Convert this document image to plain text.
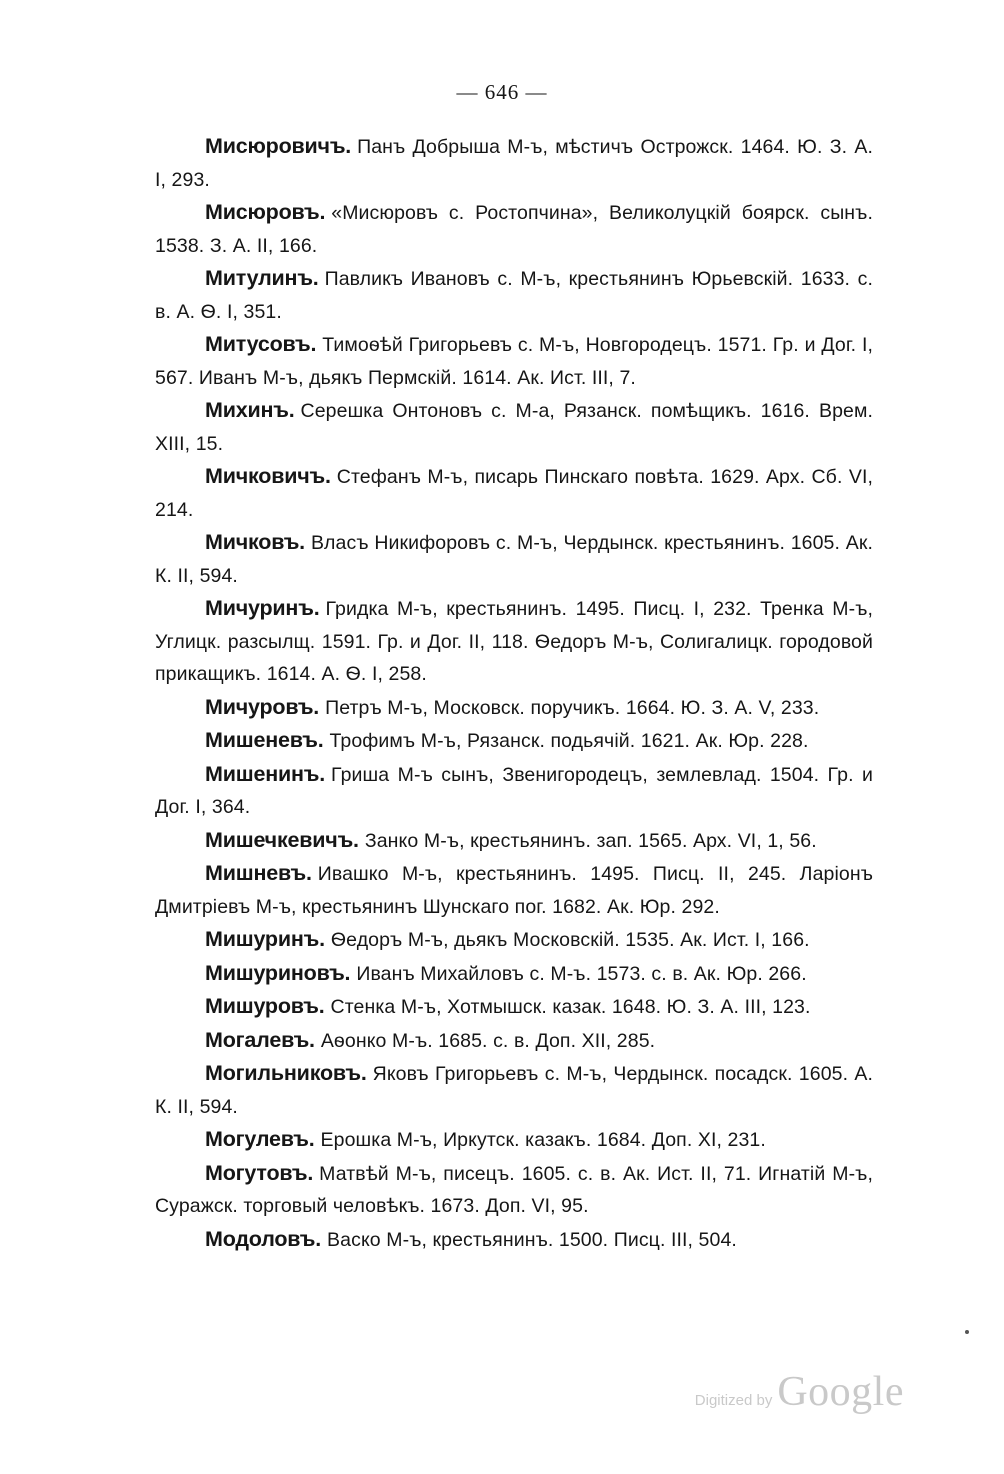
— 646 —

Мисюровичъ. Панъ Добрыша М-ъ, мѣстичъ Острожск. 1464. Ю. З. А. I, 293.

Мисюровъ. «Мисюровъ с. Ростопчина», Великолуцкій боярск. сынъ. 1538. З. А. II, 166.

Митулинъ. Павликъ Ивановъ с. М-ъ, крестьянинъ Юрьевскій. 1633. с. в. А. Ѳ. I, 351.

Митусовъ. Тимоѳѣй Григорьевъ с. М-ъ, Новгородецъ. 1571. Гр. и Дог. I, 567. Иванъ М-ъ, дьякъ Пермскій. 1614. Ак. Ист. III, 7.

Михинъ. Серешка Онтоновъ с. М-а, Рязанск. помѣщикъ. 1616. Врем. XIII, 15.

Мичковичъ. Стефанъ М-ъ, писарь Пинскаго повѣта. 1629. Арх. Сб. VI, 214.

Мичковъ. Власъ Никифоровъ с. М-ъ, Чердынск. крестьянинъ. 1605. Ак. К. II, 594.

Мичуринъ. Гридка М-ъ, крестьянинъ. 1495. Писц. I, 232. Тренка М-ъ, Углицк. разсылщ. 1591. Гр. и Дог. II, 118. Ѳедоръ М-ъ, Солигалицк. городовой прикащикъ. 1614. А. Ѳ. I, 258.

Мичуровъ. Петръ М-ъ, Московск. поручикъ. 1664. Ю. З. А. V, 233.

Мишеневъ. Трофимъ М-ъ, Рязанск. подьячій. 1621. Ак. Юр. 228.

Мишенинъ. Гриша М-ъ сынъ, Звенигородецъ, землевлад. 1504. Гр. и Дог. I, 364.

Мишечкевичъ. Занко М-ъ, крестьянинъ. зап. 1565. Арх. VI, 1, 56.

Мишневъ. Ивашко М-ъ, крестьянинъ. 1495. Писц. II, 245. Ларіонъ Дмитріевъ М-ъ, крестьянинъ Шунскаго пог. 1682. Ак. Юр. 292.

Мишуринъ. Ѳедоръ М-ъ, дьякъ Московскій. 1535. Ак. Ист. I, 166.

Мишуриновъ. Иванъ Михайловъ с. М-ъ. 1573. с. в. Ак. Юр. 266.

Мишуровъ. Стенка М-ъ, Хотмышск. казак. 1648. Ю. З. А. III, 123.

Могалевъ. Аѳонко М-ъ. 1685. с. в. Доп. XII, 285.

Могильниковъ. Яковъ Григорьевъ с. М-ъ, Чердынск. посадск. 1605. А. К. II, 594.

Могулевъ. Ерошка М-ъ, Иркутск. казакъ. 1684. Доп. XI, 231.

Могутовъ. Матвѣй М-ъ, писецъ. 1605. с. в. Ак. Ист. II, 71. Игнатій М-ъ, Суражск. торговый человѣкъ. 1673. Доп. VI, 95.

Модоловъ. Васко М-ъ, крестьянинъ. 1500. Писц. III, 504.

Digitized by Google
